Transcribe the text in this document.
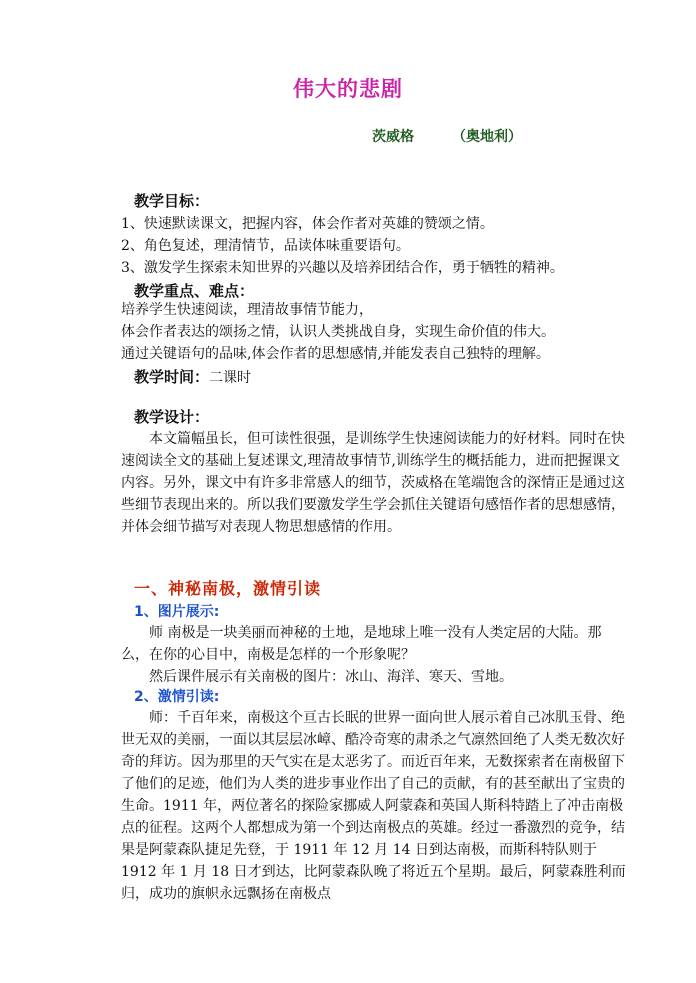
伟大的悲剧
茨威格	（奥地利）
教学目标：
1、快速默读课文，把握内容，体会作者对英雄的赞颂之情。
2、角色复述，理清情节，品读体味重要语句。
3、激发学生探索未知世界的兴趣以及培养团结合作，勇于牺牲的精神。
教学重点、难点：
培养学生快速阅读，理清故事情节能力，
体会作者表达的颂扬之情，认识人类挑战自身，实现生命价值的伟大。
通过关键语句的品味,体会作者的思想感情,并能发表自己独特的理解。
教学时间：二课时
教学设计：

本文篇幅虽长，但可读性很强，是训练学生快速阅读能力的好材料。同时在快速阅读全文的基础上复述课文,理清故事情节,训练学生的概括能力，进而把握课文内容。另外，课文中有许多非常感人的细节，茨威格在笔端饱含的深情正是通过这些细节表现出来的。所以我们要激发学生学会抓住关键语句感悟作者的思想感情，并体会细节描写对表现人物思想感情的作用。

一、神秘南极，激情引读
1、图片展示:

师 南极是一块美丽而神秘的土地，是地球上唯一没有人类定居的大陆。那么，在你的心目中，南极是怎样的一个形象呢？

然后课件展示有关南极的图片：冰山、海洋、寒天、雪地。

2、激情引读:

师：千百年来，南极这个亘古长眠的世界一面向世人展示着自己冰肌玉骨、绝世无双的美丽，一面以其层层冰嶂、酷冷奇寒的肃杀之气凛然回绝了人类无数次好奇的拜访。因为那里的天气实在是太恶劣了。而近百年来，无数探索者在南极留下了他们的足迹，他们为人类的进步事业作出了自己的贡献，有的甚至献出了宝贵的生命。1911 年，两位著名的探险家挪威人阿蒙森和英国人斯科特踏上了冲击南极点的征程。这两个人都想成为第一个到达南极点的英雄。经过一番激烈的竞争，结果是阿蒙森队捷足先登，于 1911 年 12 月 14 日到达南极，而斯科特队则于 1912 年 1 月 18 日才到达，比阿蒙森队晚了将近五个星期。最后，阿蒙森胜利而归，成功的旗帜永远飘扬在南极点
